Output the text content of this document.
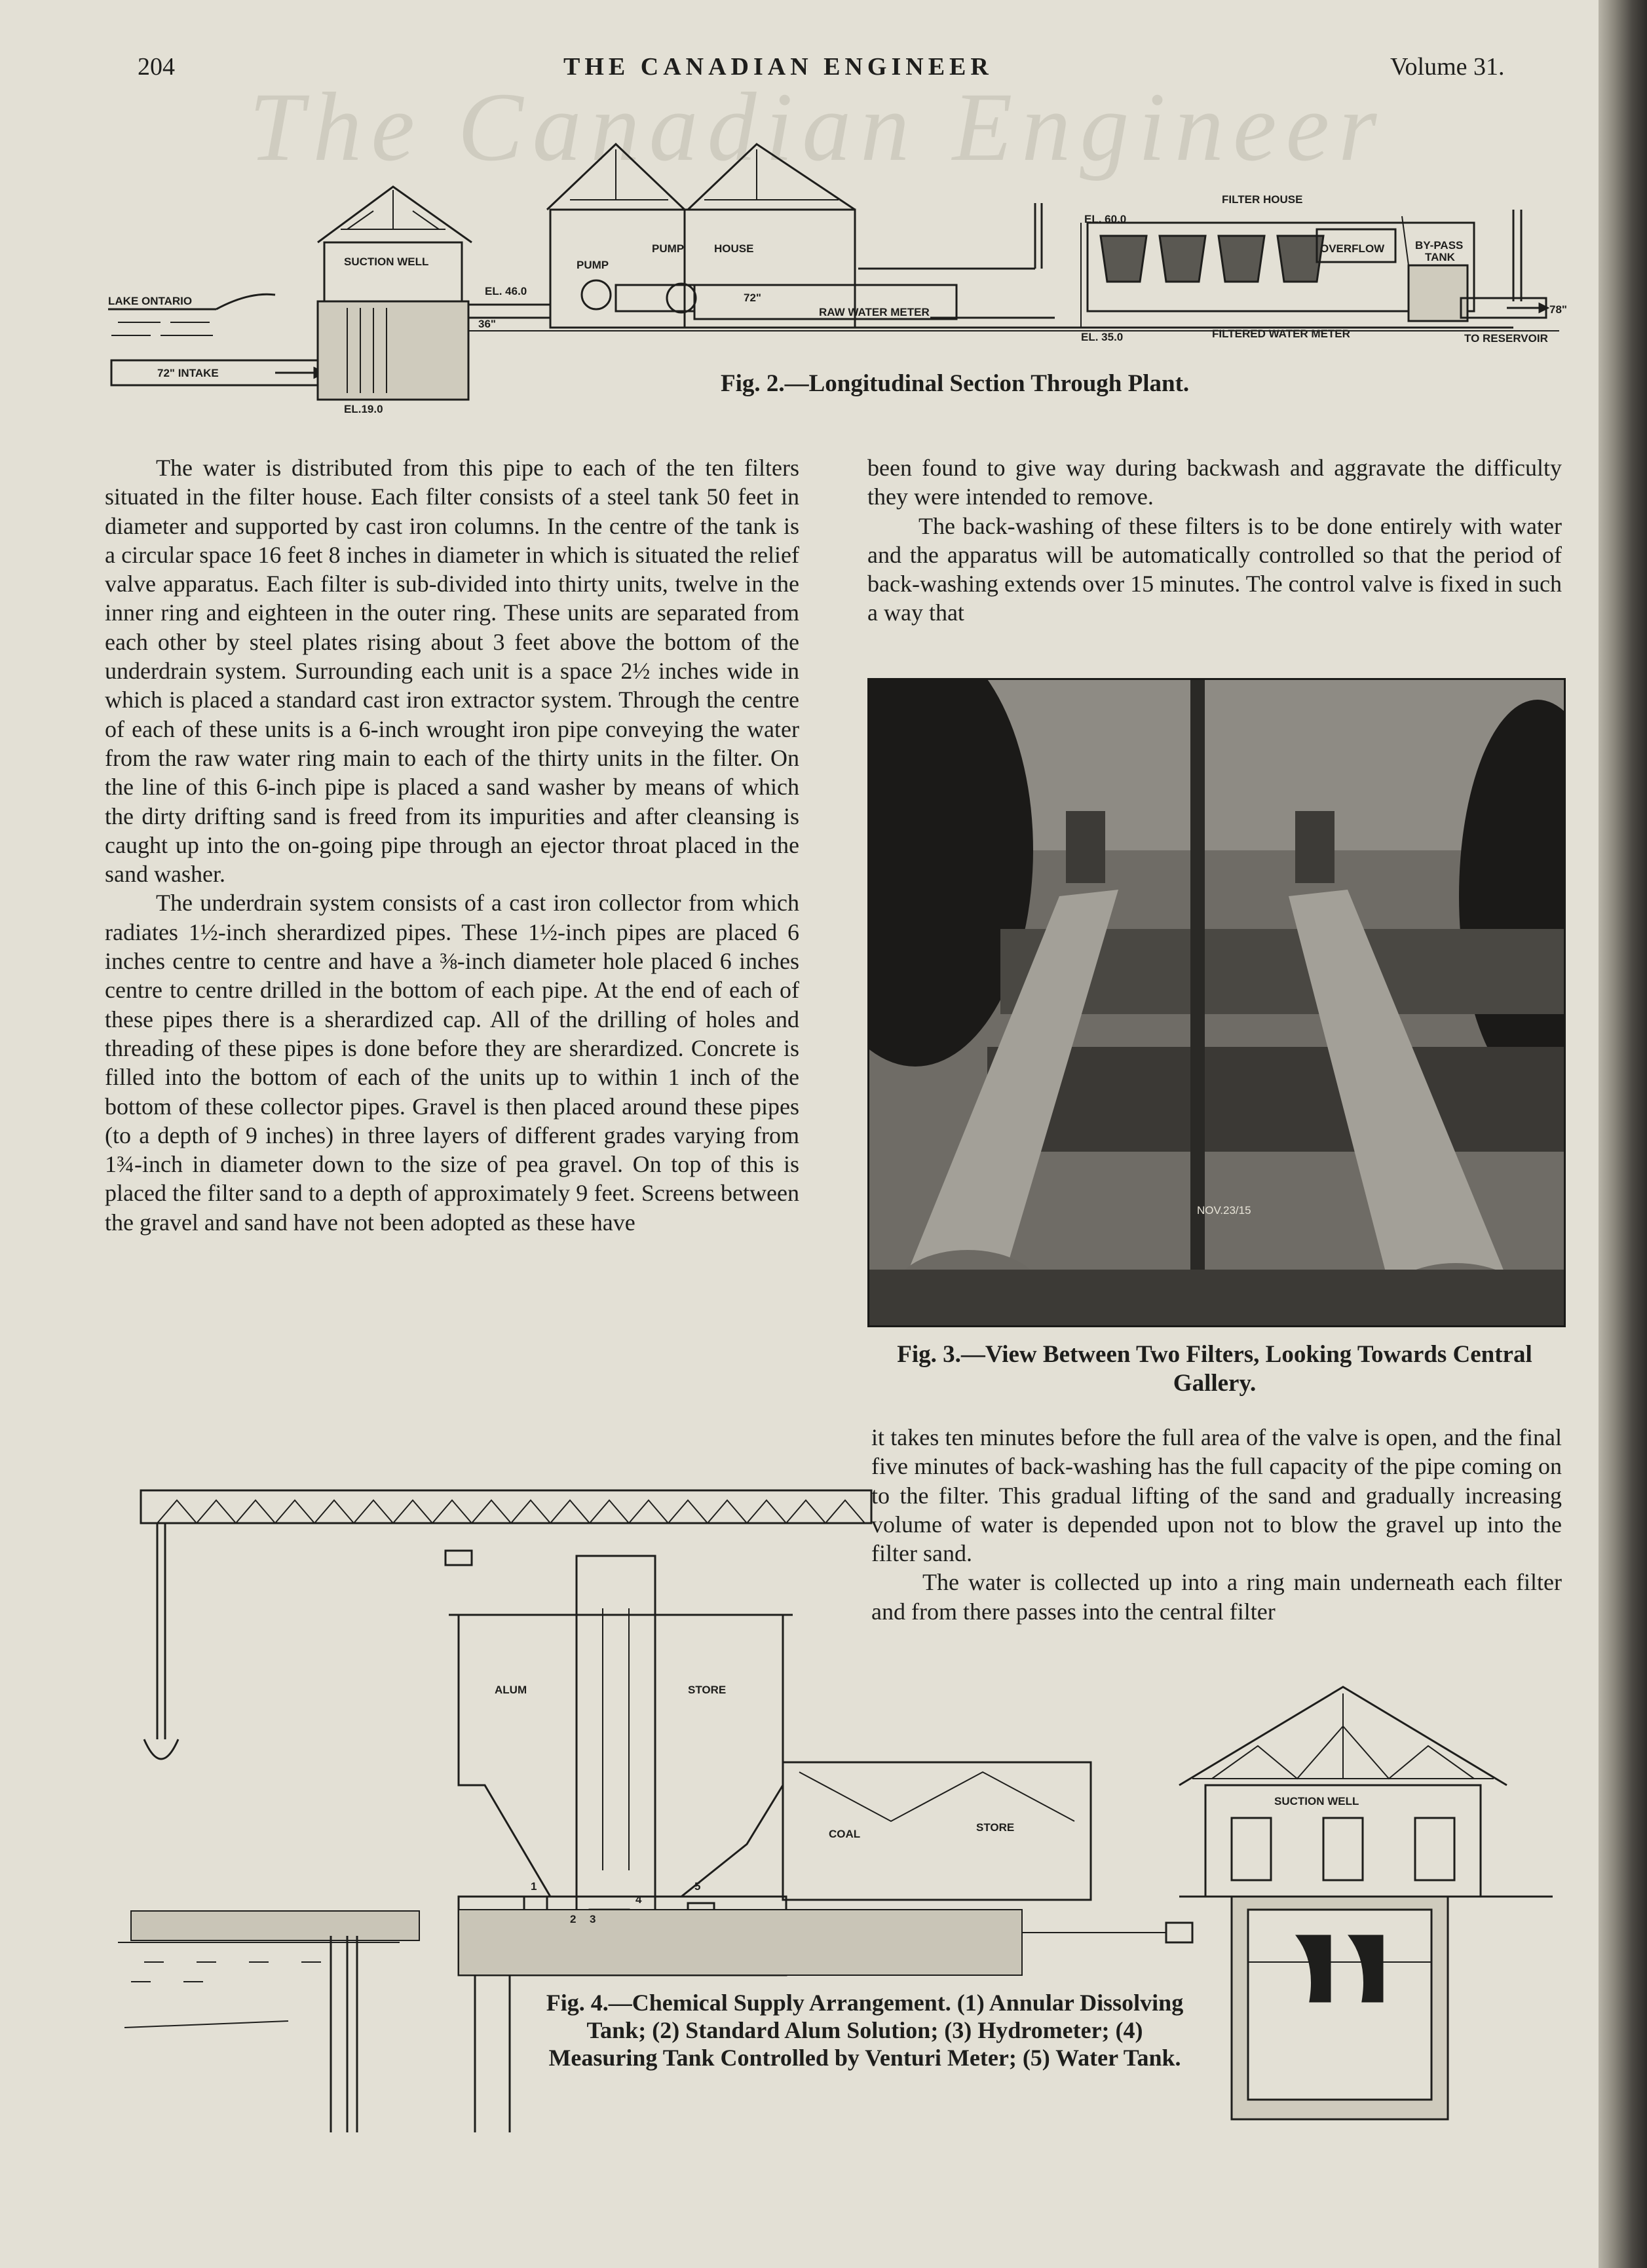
The Canadian Engineer
204	THE CANADIAN ENGINEER	Volume 31.
LAKE ONTARIO
72" INTAKE
EL.19.0
SUCTION WELL
EL. 46.0
36"
PUMP
PUMP	HOUSE
72"
RAW WATER METER
EL. 60.0
EL. 35.0
FILTER HOUSE
OVERFLOW	BY-PASS
TANK
FILTERED WATER METER
78"
TO RESERVOIR
Fig. 2.—Longitudinal Section Through Plant.

The water is distributed from this pipe to each of the ten filters situated in the filter house. Each filter consists of a steel tank 50 feet in diameter and supported by cast iron columns. In the centre of the tank is a circular space 16 feet 8 inches in diameter in which is situated the relief valve apparatus. Each filter is sub-divided into thirty units, twelve in the inner ring and eighteen in the outer ring. These units are separated from each other by steel plates rising about 3 feet above the bottom of the underdrain system. Surrounding each unit is a space 2½ inches wide in which is placed a standard cast iron extractor system. Through the centre of each of these units is a 6-inch wrought iron pipe conveying the water from the raw water ring main to each of the thirty units in the filter. On the line of this 6-inch pipe is placed a sand washer by means of which the dirty drifting sand is freed from its impurities and after cleansing is caught up into the on-going pipe through an ejector throat placed in the sand washer.

The underdrain system consists of a cast iron collector from which radiates 1½-inch sherardized pipes. These 1½-inch pipes are placed 6 inches centre to centre and have a ⅜-inch diameter hole placed 6 inches centre to centre drilled in the bottom of each pipe. At the end of each of these pipes there is a sherardized cap. All of the drilling of holes and threading of these pipes is done before they are sherardized. Concrete is filled into the bottom of each of the units up to within 1 inch of the bottom of these collector pipes. Gravel is then placed around these pipes (to a depth of 9 inches) in three layers of different grades varying from 1¾-inch in diameter down to the size of pea gravel. On top of this is placed the filter sand to a depth of approximately 9 feet. Screens between the gravel and sand have not been adopted as these have

been found to give way during backwash and aggravate the difficulty they were intended to remove.

The back-washing of these filters is to be done entirely with water and the apparatus will be automatically controlled so that the period of back-washing extends over 15 minutes. The control valve is fixed in such a way that

NOV.23/15
Fig. 3.—View Between Two Filters, Looking Towards Central Gallery.

it takes ten minutes before the full area of the valve is open, and the final five minutes of back-washing has the full capacity of the pipe coming on to the filter. This gradual lifting of the sand and gradually increasing volume of water is depended upon not to blow the gravel up into the filter sand.

The water is collected up into a ring main underneath each filter and from there passes into the central filter

ALUM	STORE
COAL
STORE
SUCTION WELL
1
2 3
4
5
Fig. 4.—Chemical Supply Arrangement. (1) Annular Dissolving Tank; (2) Standard Alum Solution; (3) Hydrometer; (4) Measuring Tank Controlled by Venturi Meter; (5) Water Tank.
